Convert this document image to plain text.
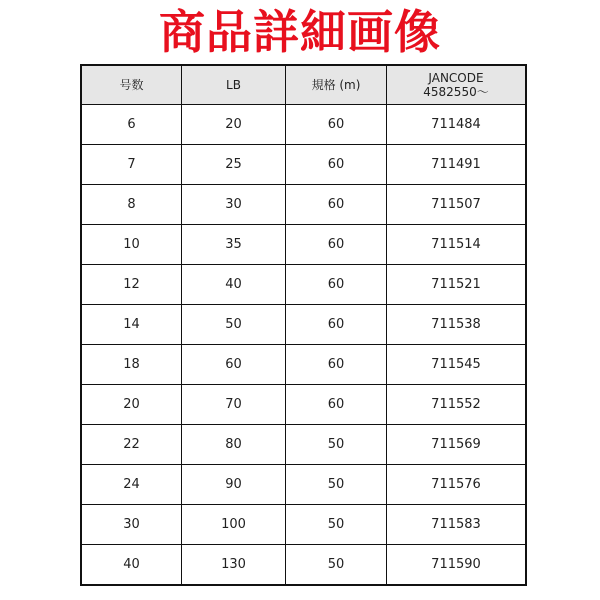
商品詳細画像
号数	LB	規格 (m)	JANCODE
4582550〜
6	20	60	711484
7	25	60	711491
8	30	60	711507
10	35	60	711514
12	40	60	711521
14	50	60	711538
18	60	60	711545
20	70	60	711552
22	80	50	711569
24	90	50	711576
30	100	50	711583
40	130	50	711590
